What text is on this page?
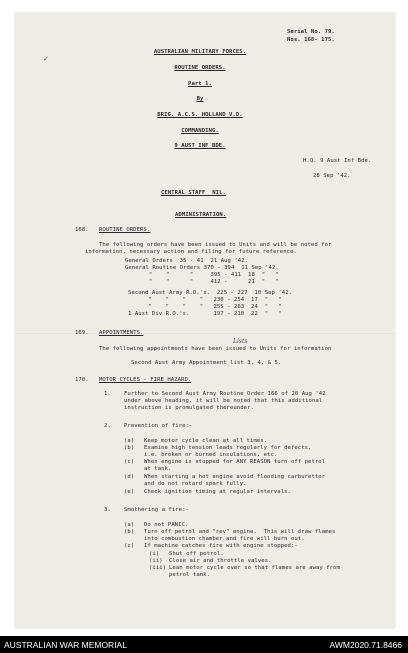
✓
Serial No. 79.
Nos. 168- 175.
AUSTRALIAN MILITARY FORCES.
ROUTINE ORDERS.
Part 1.
By
BRIG. A.C.S. HOLLAND V.D.
COMMANDING.
9 AUST INF BDE.
H.Q. 9 Aust Inf Bde.
28 Sep '42.
CENTRAL STAFF  NIL.
ADMINISTRATION.
168. ROUTINE ORDERS.
The following orders have been issued to Units and will be noted for
information, necessary action and filing for future reference.
General Orders  35 - 41  21 Aug '42.
General Routine Orders 370 - 394  11 Sep '42.
"    "      "     395 - 411  18  "   "
"    "      "     412 -      21  "   "
Second Aust Army R.O.'s.  225 - 227  10 Sep '42.
"    "    "    "   230 - 254  17  "   "
"    "    "    "   255 - 263  24  "   "
1 Aust Div R.O.'s.       197 - 210  22  "   "
169. APPOINTMENTS.
Lists
The following appointments have been issued to Units for information
Second Aust Army Appointment list 3, 4, & 5.
170. MOTOR CYCLES - FIRE HAZARD.
1. Further to Second Aust Army Routine Order 166 of 20 Aug '42
under above heading, it will be noted that this additional
instruction is promulgated thereunder.
2. Prevention of fire:-
(a) Keep motor cycle clean at all times.
(b) Examine high tension leads regularly for defects,
i.e. broken or burned insulations, etc.
(c) When engine is stopped for ANY REASON turn off petrol
at tank.
(d) When starting a hot engine avoid flooding carburettor
and do not rotard spark fully.
(e) Check ignition timing at regular intervals.
3. Smothering a fire:-
(a) Do not PANIC.
(b) Turn off petrol and "rev" engine.  This will draw flames
into combustion chamber and fire will burn out.
(c) If machine catches fire with engine stopped:-
(i) Shut off petrol.
(ii) Close air and throttle valves.
(iii) Lean motor cycle over so that flames are away from
petrol tank.
AUSTRALIAN WAR MEMORIAL	AWM2020.71.8466
